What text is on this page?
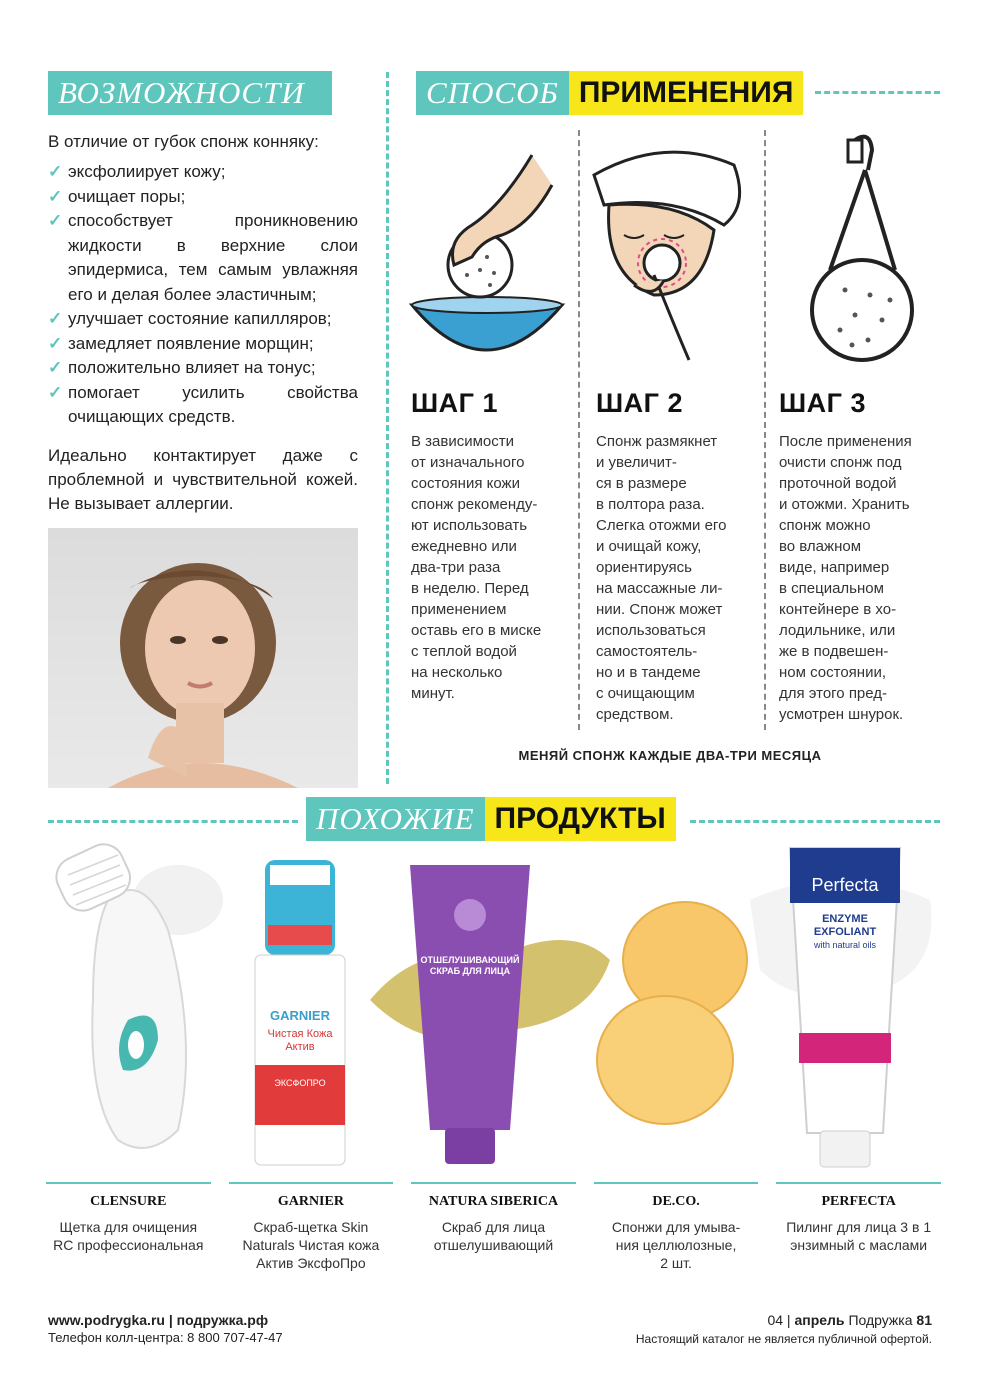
ВОЗМОЖНОСТИ
В отличие от губок спонж конняку:
✓ эксфолиирует кожу;
✓ очищает поры;
✓ способствует проникновению жидкости в верхние слои эпидермиса, тем самым увлажняя его и делая более эластичным;
✓ улучшает состояние капилляров;
✓ замедляет появление морщин;
✓ положительно влияет на тонус;
✓ помогает усилить свойства очищающих средств.
Идеально контактирует даже с проблемной и чувствительной кожей. Не вызывает аллергии.
СПОСОБ ПРИМЕНЕНИЯ
ШАГ 1
В зависимости
от изначального
состояния кожи
спонж рекоменду-
ют использовать
ежедневно или
два-три раза
в неделю. Перед
применением
оставь его в миске
с теплой водой
на несколько
минут.
ШАГ 2
Спонж размякнет
и увеличит-
ся в размере
в полтора раза.
Слегка отожми его
и очищай кожу,
ориентируясь
на массажные ли-
нии. Спонж может
использоваться
самостоятель-
но и в тандеме
с очищающим
средством.
ШАГ 3
После применения
очисти спонж под
проточной водой
и отожми. Хранить
спонж можно
во влажном
виде, например
в специальном
контейнере в хо-
лодильнике, или
же в подвешен-
ном состоянии,
для этого пред-
усмотрен шнурок.
МЕНЯЙ СПОНЖ КАЖДЫЕ ДВА-ТРИ МЕСЯЦА
ПОХОЖИЕ ПРОДУКТЫ
GARNIER
Чистая Кожа
Актив
ЭКСФОПРО
ОТШЕЛУШИВАЮЩИЙ
СКРАБ ДЛЯ ЛИЦА
Perfecta
ENZYME
EXFOLIANT
with natural oils
CLENSURE
Щетка для очищения
RC профессиональная
GARNIER
Скраб-щетка Skin
Naturals Чистая кожа
Актив ЭксфоПро
NATURA SIBERICA
Скраб для лица
отшелушивающий
DE.CO.
Спонжи для умыва-
ния целлюлозные,
2 шт.
PERFECTA
Пилинг для лица 3 в 1
энзимный с маслами
www.podrygka.ru | подружка.рф
Телефон колл-центра: 8 800 707-47-47
04 | апрель Подружка 81
Настоящий каталог не является публичной офертой.
